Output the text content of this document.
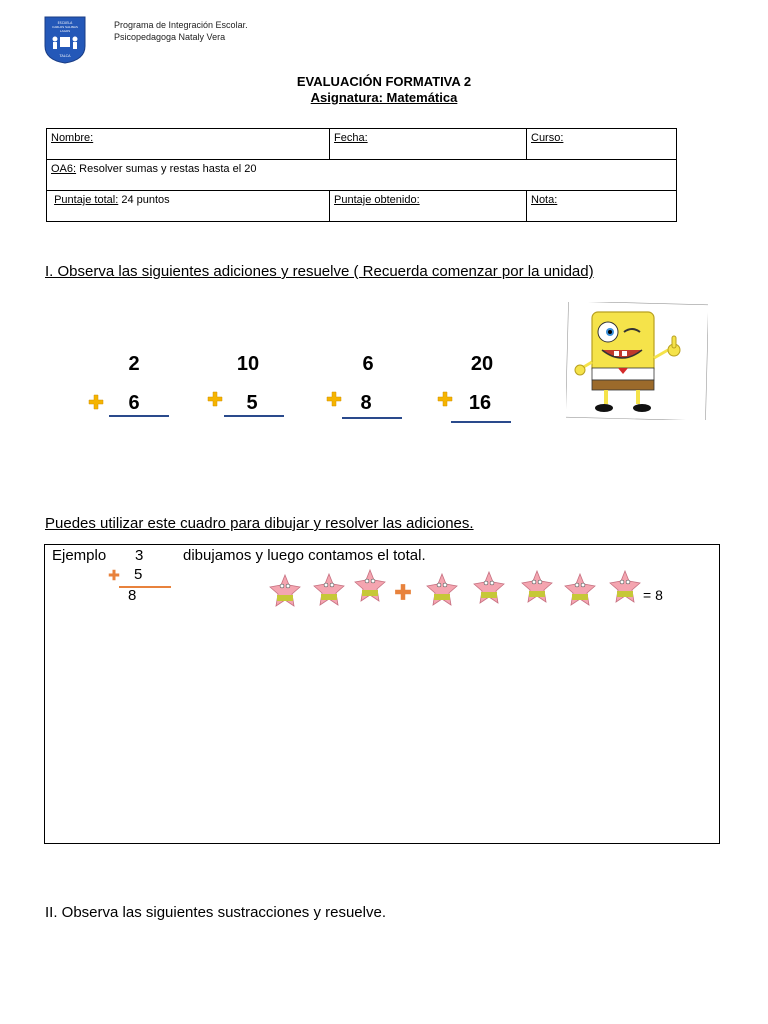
ESCUELA
CARLOS SALINAS
LAGOS
TALCA
Programa de Integración Escolar.
Psicopedagoga Nataly Vera
EVALUACIÓN FORMATIVA 2
Asignatura: Matemática
Nombre:	Fecha:	Curso:
OA6: Resolver sumas y restas hasta el 20		
Puntaje total: 24 puntos	Puntaje obtenido:	Nota:
I. Observa las siguientes adiciones y resuelve ( Recuerda comenzar por la unidad)
2
6
10
5
6
8
20
16
Puedes utilizar este cuadro para dibujar y resolver las adiciones.
Ejemplo 3	dibujamos y luego contamos el total.
5
8	= 8
II. Observa las siguientes sustracciones y resuelve.
